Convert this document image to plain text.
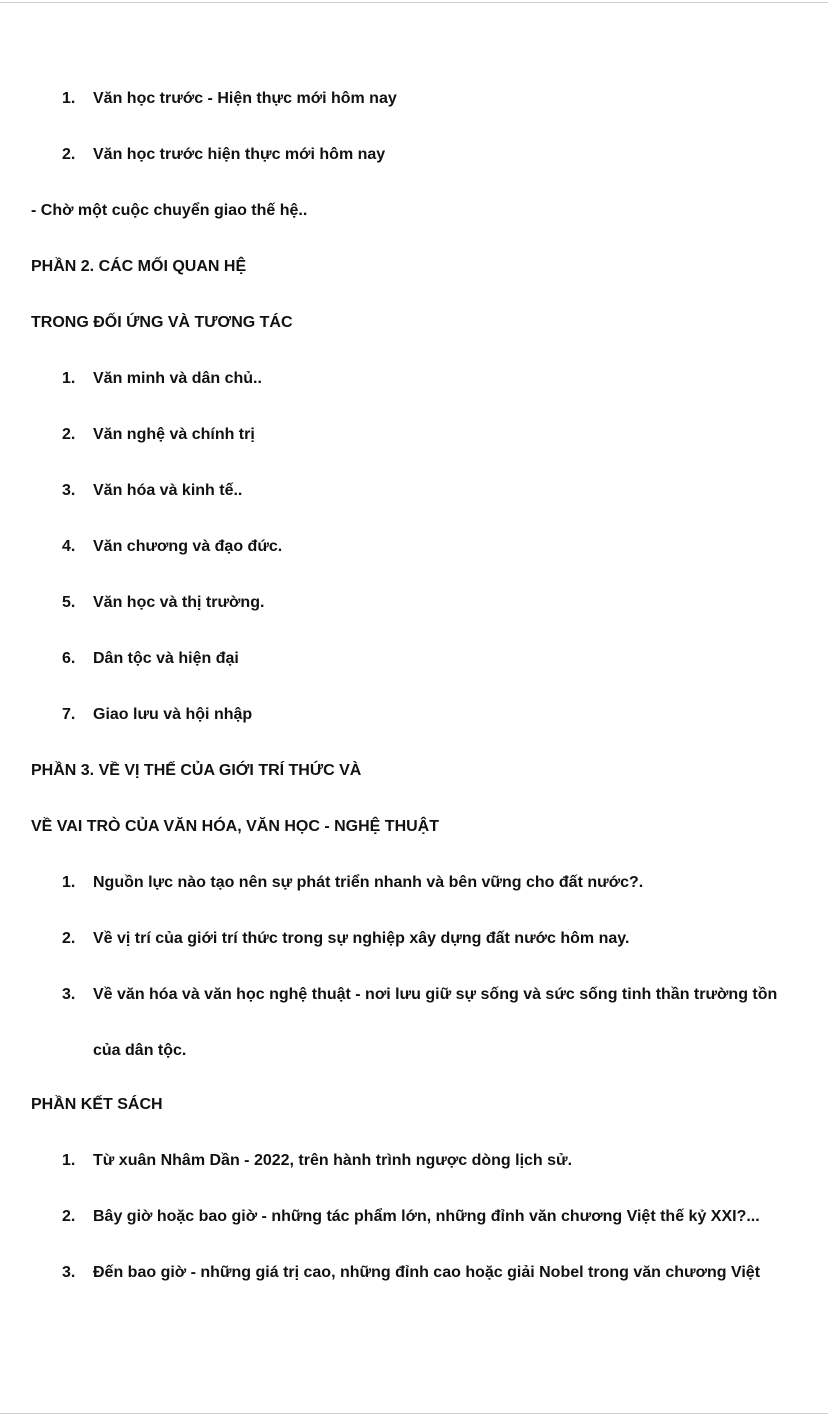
1. Văn học trước - Hiện thực mới hôm nay
2. Văn học trước hiện thực mới hôm nay
- Chờ một cuộc chuyển giao thế hệ..
PHẦN 2. CÁC MỐI QUAN HỆ
TRONG ĐỐI ỨNG VÀ TƯƠNG TÁC
1. Văn minh và dân chủ..
2. Văn nghệ và chính trị
3. Văn hóa và kinh tế..
4. Văn chương và đạo đức.
5. Văn học và thị trường.
6. Dân tộc và hiện đại
7. Giao lưu và hội nhập
PHẦN 3. VỀ VỊ THẾ CỦA GIỚI TRÍ THỨC VÀ
VỀ VAI TRÒ CỦA VĂN HÓA, VĂN HỌC - NGHỆ THUẬT
1. Nguồn lực nào tạo nên sự phát triển nhanh và bên vững cho đất nước?.
2. Về vị trí của giới trí thức trong sự nghiệp xây dựng đất nước hôm nay.
3. Về văn hóa và văn học nghệ thuật - nơi lưu giữ sự sống và sức sống tinh thần trường tồn của dân tộc.
PHẦN KẾT SÁCH
1. Từ xuân Nhâm Dần - 2022, trên hành trình ngược dòng lịch sử.
2. Bây giờ hoặc bao giờ - những tác phẩm lớn, những đỉnh văn chương Việt thế kỷ XXI?...
3. Đến bao giờ - những giá trị cao, những đỉnh cao hoặc giải Nobel trong văn chương Việt
